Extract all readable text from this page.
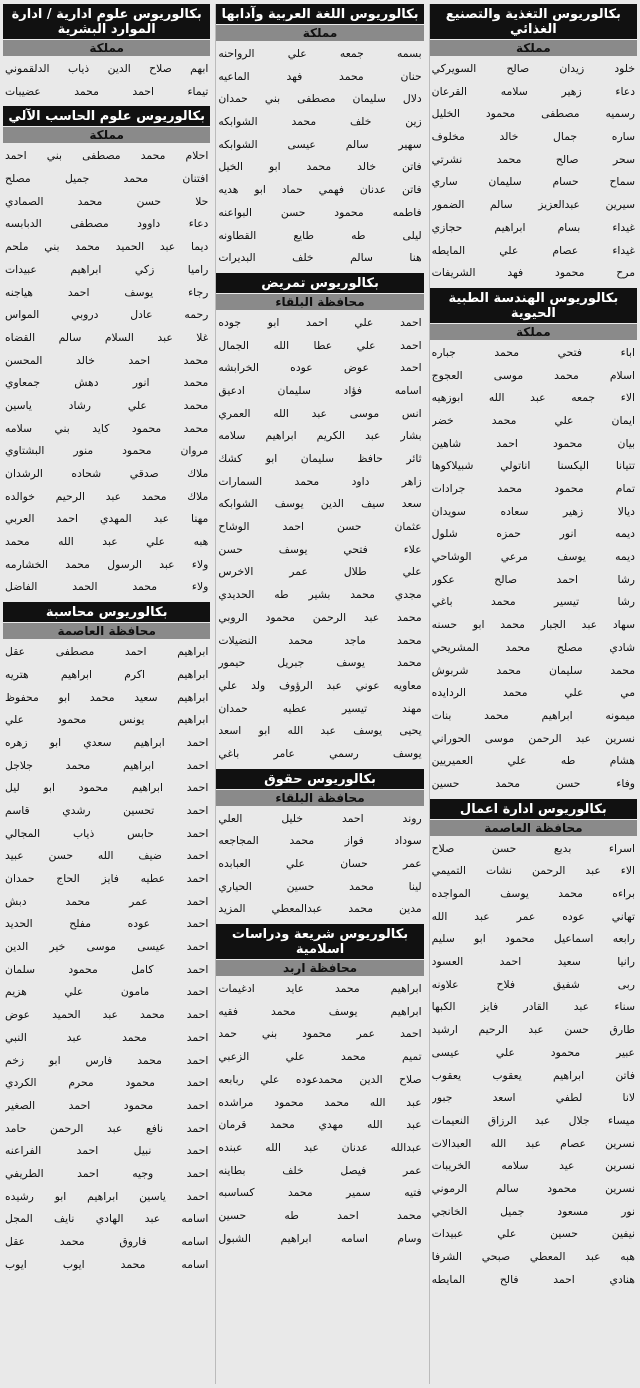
بكالوريوس التغذية والتصنيع الغذائي
مملكة
خلود زيدان صالح السويركي
دعاء زهير سلامه القرعان
رسميه مصطفى محمود الخليل
ساره جمال خالد مخلوف
سحر صالح محمد نشرتي
سماح حسام سليمان ساري
سيرين عبدالعزيز سالم الضمور
غيداء بسام ابراهيم حجازي
غيداء عصام علي المايطه
مرح محمود فهد الشريفات
بكالوريوس الهندسة الطبية الحيوية
مملكة
اباء فتحي محمد جباره
اسلام محمد موسى العجوج
الاء جمعه عبد الله ابوزهيه
ايمان علي محمد خضر
بيان محمود احمد شاهين
تتيانا اليكسنا اناتولي شبيلاكوها
تمام محمود محمد جرادات
ديالا زهير سعاده سويدان
ديمه انور حمزه شلول
ديمه يوسف مرعي الوشاحي
رشا احمد صالح عكور
رشا تيسير محمد باغي
سهاد عبد الجبار محمد ابو حسنه
شادي مصلح محمد المشريحي
محمد سليمان محمد شربوش
مي علي محمد الردايده
ميمونه ابراهيم محمد بنات
نسرين عبد الرحمن موسى الحوراني
هشام طه علي العميريين
وفاء حسن محمد حسين
بكالوريوس ادارة اعمال
محافظة العاصمة
اسراء بديع حسن صلاح
الاء عبد الرحمن نشات التميمي
براءه محمد يوسف المواجده
تهاني عوده عمر عبد الله
رابعه اسماعيل محمود ابو سليم
رانيا سعيد احمد العسود
ربى شفيق فلاح علاونه
سناء عبد القادر فايز الكبها
طارق حسن عبد الرحيم ارشيد
عبير محمود علي عيسى
فاتن ابراهيم يعقوب يعقوب
لانا لطفي اسعد جبور
ميساء جلال عبد الرزاق النعيمات
نسرين عصام عبد الله العبدالات
نسرين عيد سلامه الخريبات
نسرين محمود سالم الرموني
نور مسعود جميل الخانجي
نيفين حسين علي عبيدات
هبه عبد المعطي صبحي الشرفا
هنادي احمد فالح المايطه
بكالوريوس اللغة العربية وآدابها
مملكة
بسمه جمعه علي الرواحنه
حنان محمد فهد الماعيه
دلال سليمان مصطفى بني حمدان
زين خلف محمد الشوابكه
سهير سالم عيسى الشوابكه
فاتن خالد محمد ابو الخيل
فاتن عدنان فهمي حماد ابو هديه
فاطمه محمود حسن البواعنه
ليلى طه طايع القطاونه
هنا سالم خلف البديرات
بكالوريوس تمريض
محافظة البلقاء
احمد علي احمد ابو جوده
احمد علي عطا الله الجمال
احمد عوض عوده الخرابشه
اسامه فؤاد سليمان ادعيق
انس موسى عبد الله العمري
بشار عبد الكريم ابراهيم سلامه
ثائر حافظ سليمان ابو كشك
زاهر داود محمد السمارات
سعد سيف الدين يوسف الشوابكه
عثمان حسن احمد الوشاح
علاء فتحي يوسف حسن
علي طلال عمر الاخرس
مجدي محمد بشير طه الحديدي
محمد عبد الرحمن محمود الروبي
محمد ماجد محمد النضيلات
محمد يوسف جبريل حيمور
معاويه عوني عبد الرؤوف ولد علي
مهند تيسير عطيه حمدان
يحيى يوسف عبد الله ابو اسعد
يوسف رسمي عامر باغي
بكالوريوس حقوق
محافظة البلقاء
روند احمد خليل العلي
سوداد فواز محمد المجاجعه
عمر حسان علي العبابده
لينا محمد حسين الحياري
مدين محمد عبدالمعطي المزيد
بكالوريوس شريعة ودراسات اسلامية
محافظة اربد
ابراهيم محمد عايد ادغيمات
ابراهيم يوسف محمد فقيه
احمد عمر محمود بني حمد
تميم محمد علي الزعبي
صلاح الدين محمدعوده علي ربابعه
عبد الله محمد محمود مراشده
عبد الله مهدي محمد قرمان
عبدالله عدنان عبد الله عبنده
عمر فيصل خلف بطاينه
فتيه سمير محمد كساسبه
محمد احمد طه حسين
وسام اسامه ابراهيم الشبول
بكالوريوس علوم ادارية / ادارة الموارد البشرية
مملكة
ابهم صلاح الدين ذياب الدلقموني
تيماء احمد محمد عضيبات
بكالوريوس علوم الحاسب الآلي
مملكة
احلام محمد مصطفى بني احمد
افتنان محمد جميل مصلح
حلا حسن محمد الصمادي
دعاء داوود مصطفى الدبابسه
ديما عبد الحميد محمد بني ملحم
راميا زكي ابراهيم عبيدات
رجاء يوسف احمد هياجنه
رحمه عادل دروبي المواس
غلا عبد السلام سالم القضاه
محمد احمد خالد المحسن
محمد انور دهش جمعاوي
محمد علي رشاد ياسين
محمد محمود كايد بني سلامه
مروان محمود منور البشتاوي
ملاك صدقي شحاده الرشدان
ملاك محمد عبد الرحيم خوالده
مهنا عبد المهدي احمد العربي
هبه علي عبد الله محمد
ولاء عبد الرسول محمد الخشارمه
ولاء محمد الحمد الفاضل
بكالوريوس محاسبة
محافظة العاصمة
ابراهيم احمد مصطفى عقل
ابراهيم اكرم ابراهيم هتريه
ابراهيم سعيد محمد ابو محفوظ
ابراهيم يونس محمود علي
احمد ابراهيم سعدي ابو زهره
احمد ابراهيم محمد جلاجل
احمد ابراهيم محمود ابو ليل
احمد تحسين رشدي قاسم
احمد حابس ذياب المجالي
احمد ضيف الله حسن عبيد
احمد عطيه فايز الحاج حمدان
احمد عمر محمد دبش
احمد عوده مفلح الحديد
احمد عيسى موسى خير الدين
احمد كامل محمود سلمان
احمد مامون علي هزيم
احمد محمد عبد الحميد عوض
احمد محمد عبد النبي
احمد محمد فارس ابو زخم
احمد محمود محرم الكردي
احمد محمود احمد الصغير
احمد نافع عبد الرحمن حامد
احمد نبيل احمد الفراعنه
احمد وجيه احمد الطريفي
احمد ياسين ابراهيم ابو رشيده
اسامه عبد الهادي نايف المجل
اسامه فاروق محمد عقل
اسامه محمد ايوب ايوب
